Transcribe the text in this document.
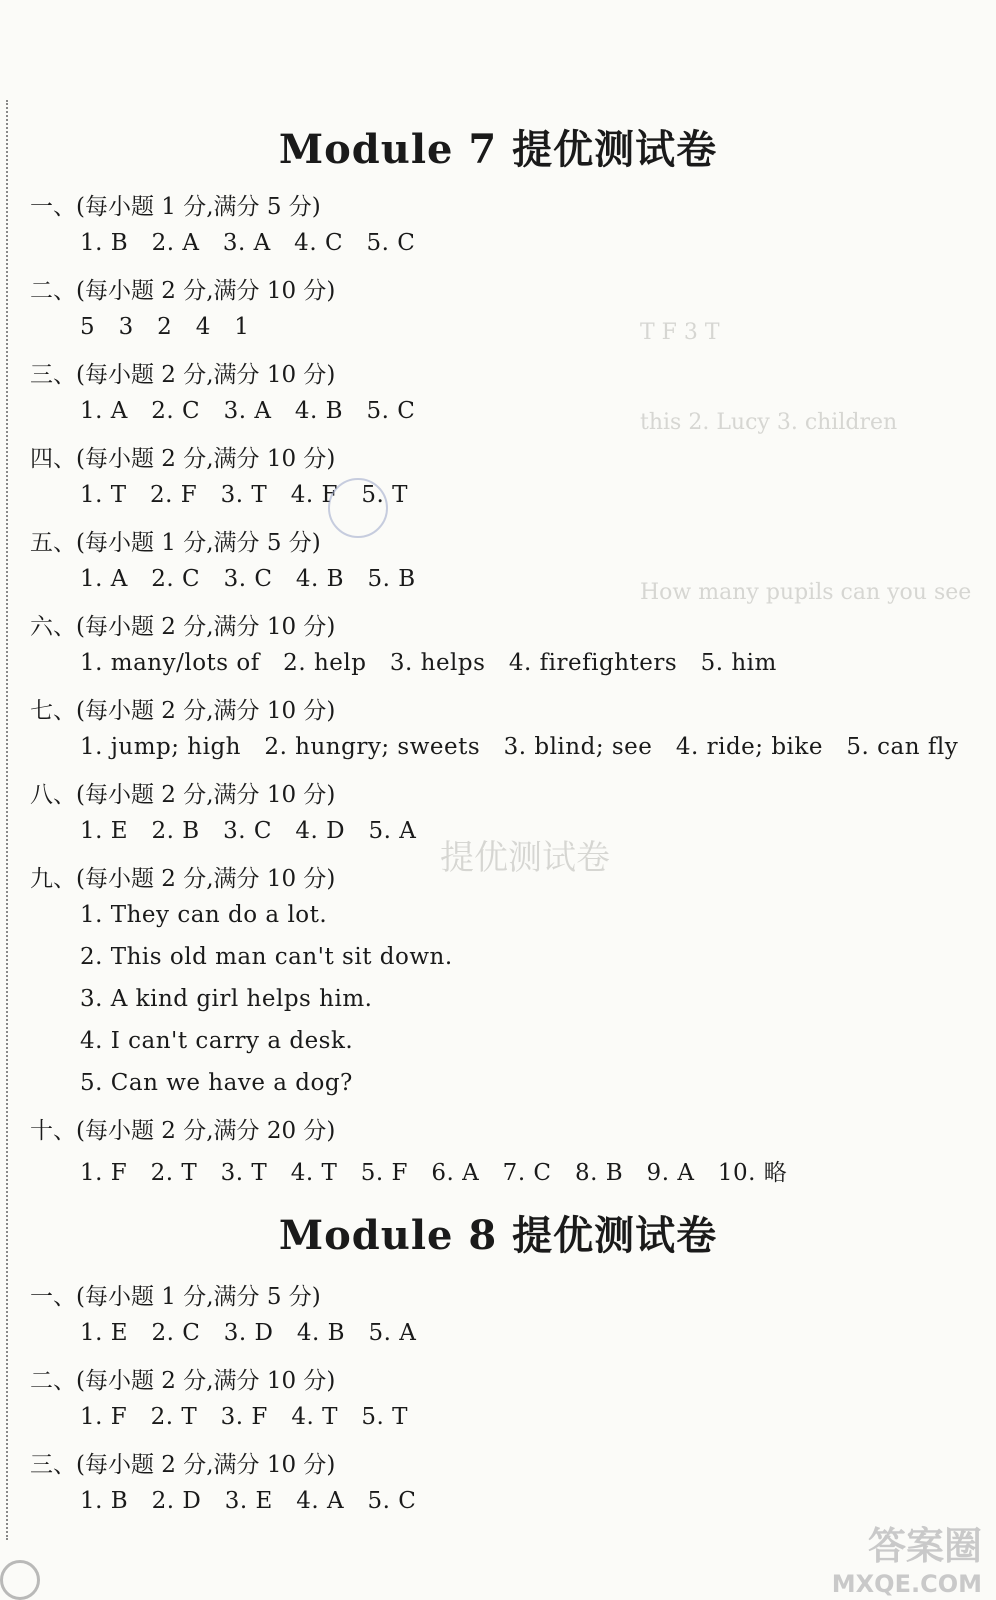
T F 3 T
this 2. Lucy 3. children
How many pupils can you see
提优测试卷
Module 7 提优测试卷
一、(每小题 1 分,满分 5 分)
1. B   2. A   3. A   4. C   5. C
二、(每小题 2 分,满分 10 分)
5   3   2   4   1
三、(每小题 2 分,满分 10 分)
1. A   2. C   3. A   4. B   5. C
四、(每小题 2 分,满分 10 分)
1. T   2. F   3. T   4. F   5. T
五、(每小题 1 分,满分 5 分)
1. A   2. C   3. C   4. B   5. B
六、(每小题 2 分,满分 10 分)
1. many/lots of   2. help   3. helps   4. firefighters   5. him
七、(每小题 2 分,满分 10 分)
1. jump; high   2. hungry; sweets   3. blind; see   4. ride; bike   5. can fly
八、(每小题 2 分,满分 10 分)
1. E   2. B   3. C   4. D   5. A
九、(每小题 2 分,满分 10 分)
1. They can do a lot.
2. This old man can't sit down.
3. A kind girl helps him.
4. I can't carry a desk.
5. Can we have a dog?
十、(每小题 2 分,满分 20 分)
1. F   2. T   3. T   4. T   5. F   6. A   7. C   8. B   9. A   10. 略
Module 8 提优测试卷
一、(每小题 1 分,满分 5 分)
1. E   2. C   3. D   4. B   5. A
二、(每小题 2 分,满分 10 分)
1. F   2. T   3. F   4. T   5. T
三、(每小题 2 分,满分 10 分)
1. B   2. D   3. E   4. A   5. C
答案圈
MXQE.COM
